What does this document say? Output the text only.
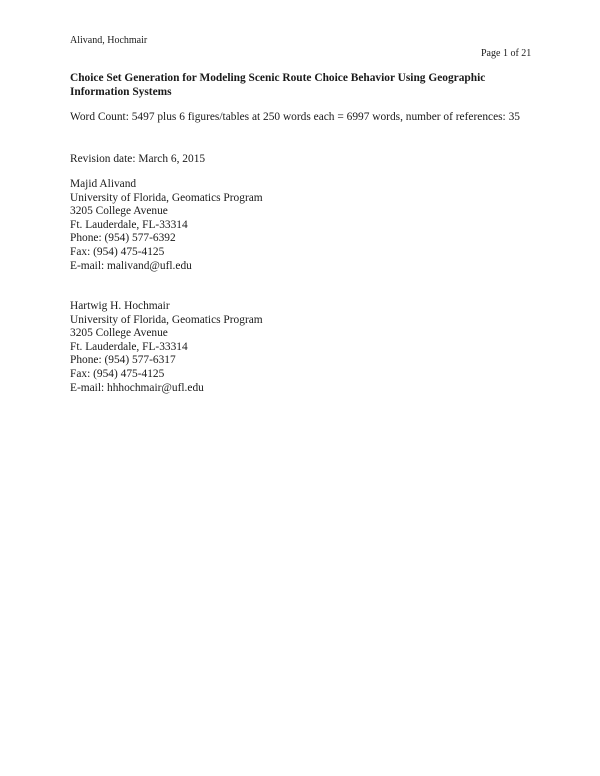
Alivand, Hochmair
Page 1 of 21
Choice Set Generation for Modeling Scenic Route Choice Behavior Using Geographic Information Systems
Word Count: 5497 plus 6 figures/tables at 250 words each = 6997 words, number of references: 35
Revision date: March 6, 2015
Majid Alivand
University of Florida, Geomatics Program
3205 College Avenue
Ft. Lauderdale, FL-33314
Phone: (954) 577-6392
Fax: (954) 475-4125
E-mail: malivand@ufl.edu
Hartwig H. Hochmair
University of Florida, Geomatics Program
3205 College Avenue
Ft. Lauderdale, FL-33314
Phone: (954) 577-6317
Fax: (954) 475-4125
E-mail: hhhochmair@ufl.edu
